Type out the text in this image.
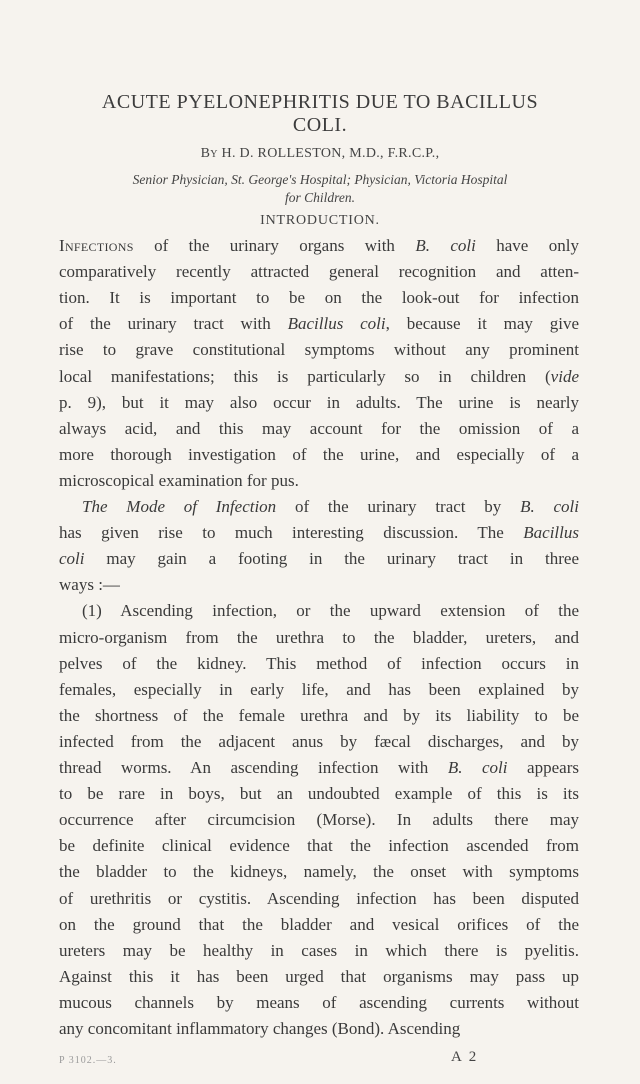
ACUTE PYELONEPHRITIS DUE TO BACILLUS
COLI.
By H. D. ROLLESTON, M.D., F.R.C.P.,
Senior Physician, St. George's Hospital; Physician, Victoria Hospital
for Children.
INTRODUCTION.
Infections of the urinary organs with B. coli have only
comparatively recently attracted general recognition and atten-
tion. It is important to be on the look-out for infection
of the urinary tract with Bacillus coli, because it may give
rise to grave constitutional symptoms without any prominent
local manifestations; this is particularly so in children (vide
p. 9), but it may also occur in adults. The urine is nearly
always acid, and this may account for the omission of a
more thorough investigation of the urine, and especially of a
microscopical examination for pus.
The Mode of Infection of the urinary tract by B. coli
has given rise to much interesting discussion. The Bacillus
coli may gain a footing in the urinary tract in three
ways :—
(1) Ascending infection, or the upward extension of the
micro-organism from the urethra to the bladder, ureters, and
pelves of the kidney. This method of infection occurs in
females, especially in early life, and has been explained by
the shortness of the female urethra and by its liability to be
infected from the adjacent anus by fæcal discharges, and by
thread worms. An ascending infection with B. coli appears
to be rare in boys, but an undoubted example of this is its
occurrence after circumcision (Morse). In adults there may
be definite clinical evidence that the infection ascended from
the bladder to the kidneys, namely, the onset with symptoms
of urethritis or cystitis. Ascending infection has been disputed
on the ground that the bladder and vesical orifices of the
ureters may be healthy in cases in which there is pyelitis.
Against this it has been urged that organisms may pass up
mucous channels by means of ascending currents without
any concomitant inflammatory changes (Bond). Ascending
P 3102.—3.	A 2
